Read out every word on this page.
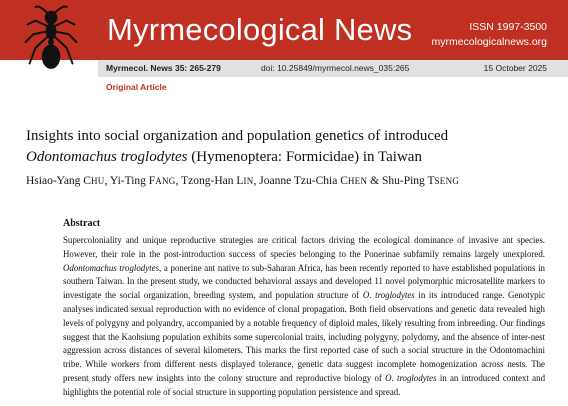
Myrmecological News	ISSN 1997-3500
myrmecologicalnews.org
Myrmecol. News 35: 265-279	doi: 10.25849/myrmecol.news_035:265	15 October 2025
Original Article
Insights into social organization and population genetics of introduced
Odontomachus troglodytes (Hymenoptera: Formicidae) in Taiwan
Hsiao-Yang CHU, Yi-Ting FANG, Tzong-Han LIN, Joanne Tzu-Chia CHEN & Shu-Ping TSENG
Abstract

Supercoloniality and unique reproductive strategies are critical factors driving the ecological dominance of invasive ant species. However, their role in the post-introduction success of species belonging to the Ponerinae subfamily remains largely unexplored. Odontomachus troglodytes, a ponerine ant native to sub-Saharan Africa, has been recently reported to have established populations in southern Taiwan. In the present study, we conducted behavioral assays and developed 11 novel polymorphic microsatellite markers to investigate the social organization, breeding system, and population structure of O. troglodytes in its introduced range. Genotypic analyses indicated sexual reproduction with no evidence of clonal propagation. Both field observations and genetic data revealed high levels of polygyny and polyandry, accompanied by a notable frequency of diploid males, likely resulting from inbreeding. Our findings suggest that the Kaohsiung population exhibits some supercolonial traits, including polygyny, polydomy, and the absence of inter-nest aggression across distances of several kilometers. This marks the first reported case of such a social structure in the Odontomachini tribe. While workers from different nests displayed tolerance, genetic data suggest incomplete homogenization across nests. The present study offers new insights into the colony structure and reproductive biology of O. troglodytes in an introduced context and highlights the potential role of social structure in supporting population persistence and spread.
